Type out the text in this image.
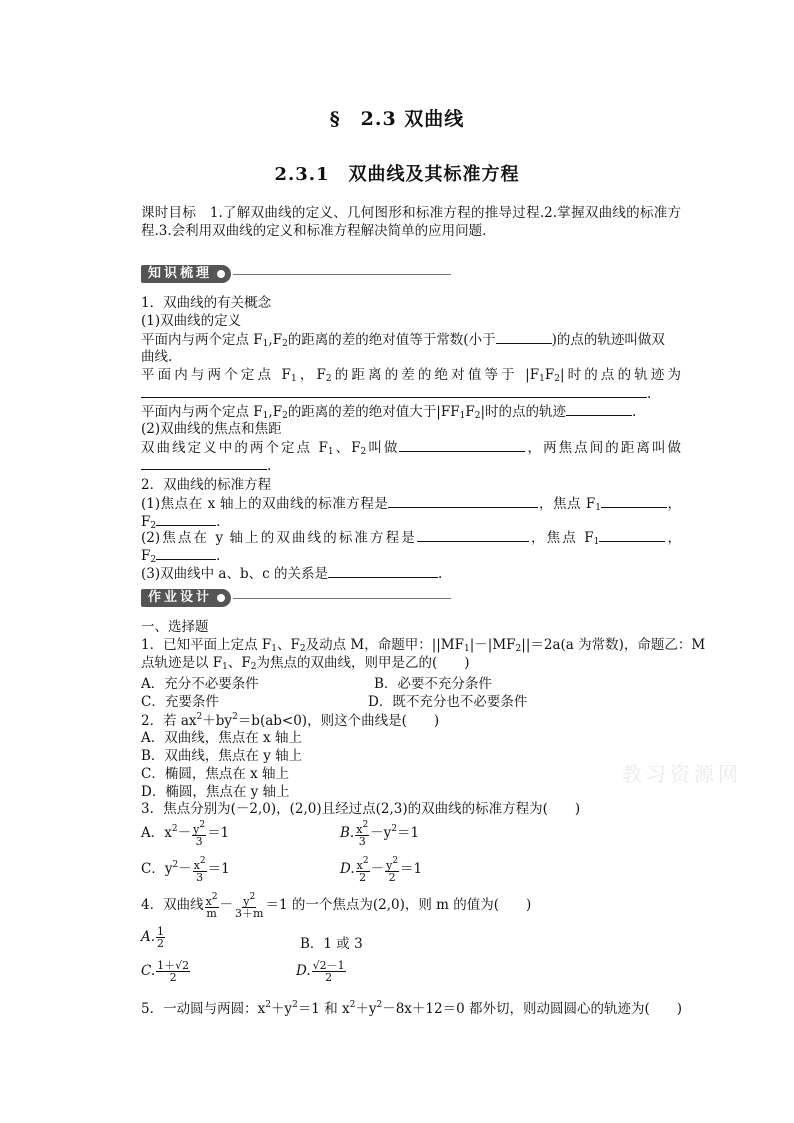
§　2.3 双曲线
2.3.1　双曲线及其标准方程
课时目标　1.了解双曲线的定义、几何图形和标准方程的推导过程.2.掌握双曲线的标准方
程.3.会利用双曲线的定义和标准方程解决简单的应用问题.
知识梳理
1．双曲线的有关概念
(1)双曲线的定义
平面内与两个定点 $F_1,F_2$的距离的差的绝对值等于常数(小于	)的点的轨迹叫做双
曲线.
平面内与两个定点 $F_1$，$F_2$的距离的差的绝对值等于 $|F_1F_2|$时的点的轨迹为
.
平面内与两个定点 $F_1,F_2$的距离的差的绝对值大于$|FF_1F_2|$时的点的轨迹	.
(2)双曲线的焦点和焦距
双曲线定义中的两个定点 $F_1$、$F_2$叫做	，两焦点间的距离叫做
.
2．双曲线的标准方程
(1)焦点在 x 轴上的双曲线的标准方程是	，焦点 $F_1$	，
$F_2$	．
(2)焦点在 y 轴上的双曲线的标准方程是	，焦点 $F_1$	，
$F_2$	．
(3)双曲线中 a、b、c 的关系是	.
作业设计
一、选择题
1．已知平面上定点 $F_1$、$F_2$及动点 M，命题甲：$||MF_1|-|MF_2||=2a(a$ 为常数)，命题乙：M
点轨迹是以 $F_1$、$F_2$为焦点的双曲线，则甲是乙的(　　)
A．充分不必要条件	B．必要不充分条件
C．充要条件	D．既不充分也不必要条件
2．若 $ax^2+by^2=b(ab<0)$，则这个曲线是(　　)
A．双曲线，焦点在 x 轴上
B．双曲线，焦点在 y 轴上
C．椭圆，焦点在 x 轴上
D．椭圆，焦点在 y 轴上
3．焦点分别为(－2,0)，(2,0)且经过点(2,3)的双曲线的标准方程为(　　)
A．$x^2- \frac{y^2}{3} =1$	B. $\frac{x^2}{3} -y^2=1$
C．$y^2- \frac{x^2}{3} =1$	D. $\frac{x^2}{2} - \frac{y^2}{2} =1$
4．双曲线 $\frac{x^2}{m} - \frac{y^2}{3+m} =1$ 的一个焦点为(2,0)，则 m 的值为(　　)
A. $\frac{1}{2}$	B．1 或 3
C. $\frac{1+√2}{2}$	D. $\frac{√2-1}{2}$
5．一动圆与两圆：$x^2+y^2=1$ 和 $x^2+y^2-8x+12=0$ 都外切，则动圆圆心的轨迹为(　　)
教习资源网
